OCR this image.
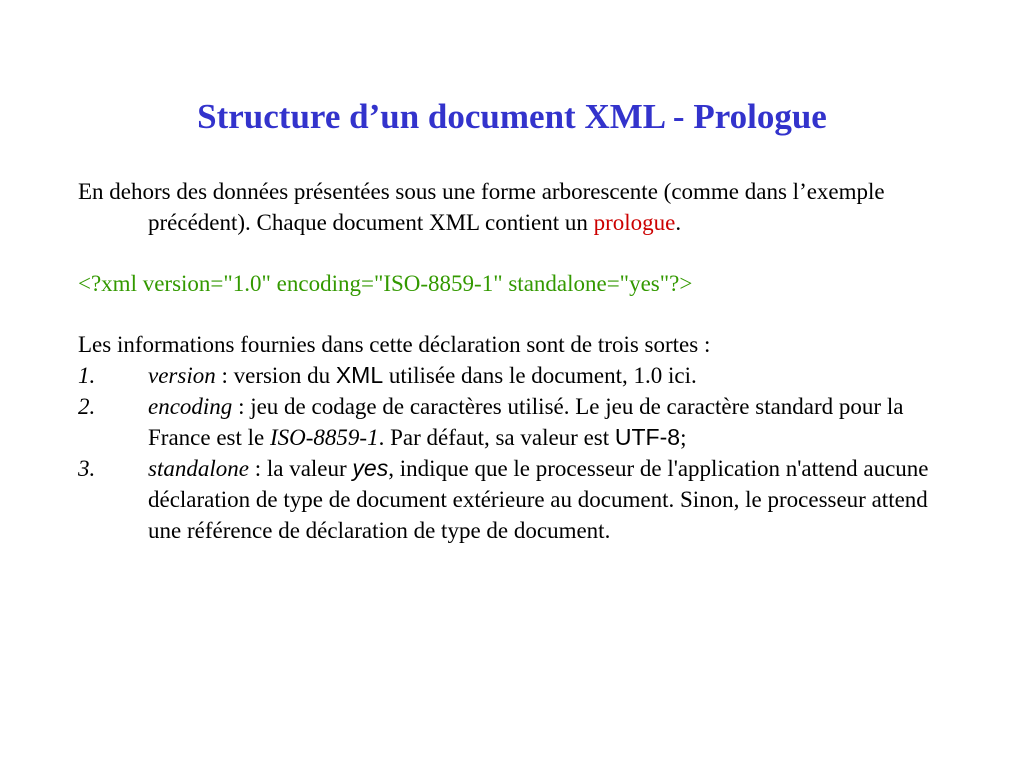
Structure d’un document XML - Prologue

En dehors des données présentées sous une forme arborescente (comme dans l’exemple précédent). Chaque document XML contient un prologue.

<?xml version="1.0" encoding="ISO-8859-1" standalone="yes"?>

Les informations fournies dans cette déclaration sont de trois sortes :

1. version : version du XML utilisée dans le document, 1.0 ici.

2. encoding : jeu de codage de caractères utilisé. Le jeu de caractère standard pour la France est le ISO-8859-1. Par défaut, sa valeur est UTF-8;

3. standalone : la valeur yes, indique que le processeur de l'application n'attend aucune déclaration de type de document extérieure au document. Sinon, le processeur attend une référence de déclaration de type de document.
